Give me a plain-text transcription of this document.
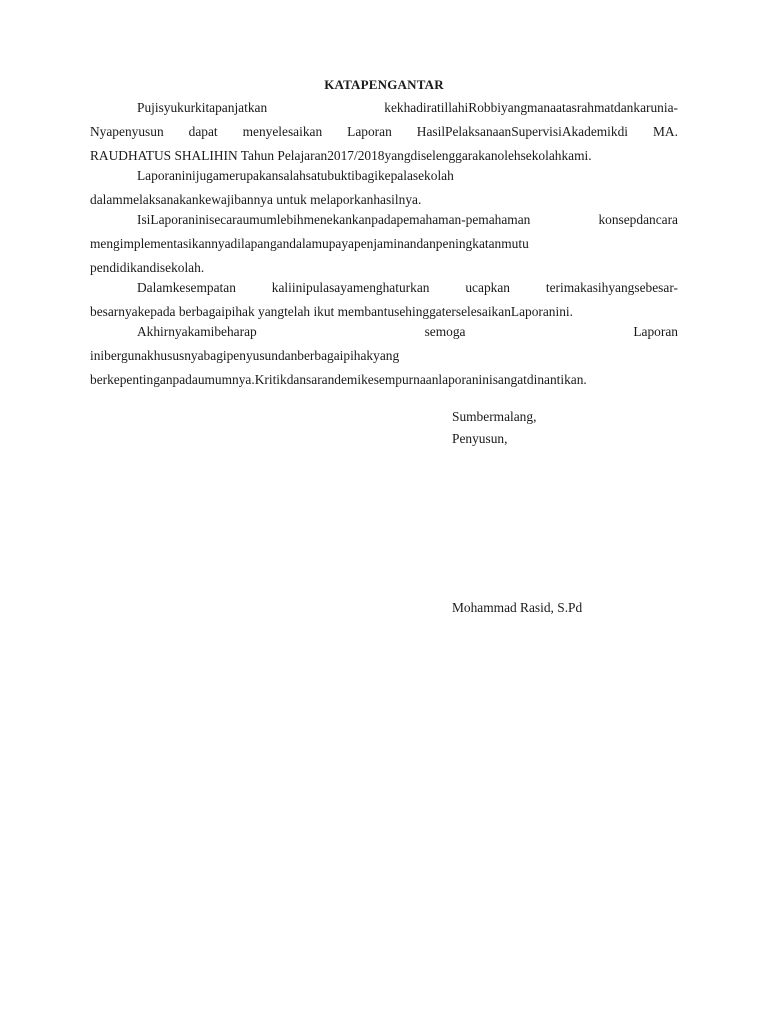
KATAPENGANTAR
Pujisyukurkitapanjatkan	kekhadiratillahiRobbiyangmanaatasrahmatdankarunia-
Nyapenyusun dapat menyelesaikan Laporan HasilPelaksanaanSupervisiAkademikdi MA.
RAUDHATUS SHALIHIN Tahun Pelajaran2017/2018yangdiselenggarakanolehsekolahkami.
Laporaninijugamerupakansalahsatubuktibagikepalasekolah
dalammelaksanakankewajibannya untuk melaporkanhasilnya.
IsiLaporaninisecaraumumlebihmenekankanpadapemahaman-pemahaman	konsepdancara
mengimplementasikannyadilapangandalamupayapenjaminandanpeningkatanmutu
pendidikandisekolah.
Dalamkesempatan	kaliinipulasayamenghaturkan	ucapkan	terimakasihyangsebesar-
besarnyakepada berbagaipihak yangtelah ikut membantusehinggaterselesaikanLaporanini.
Akhirnyakamibeharap	semoga	Laporan
inibergunakhususnyabagipenyusundanberbagaipihakyang
berkepentinganpadaumumnya.Kritikdansarandemikesempurnaanlaporaninisangatdinantikan.
Sumbermalang,
Penyusun,
Mohammad Rasid, S.Pd
